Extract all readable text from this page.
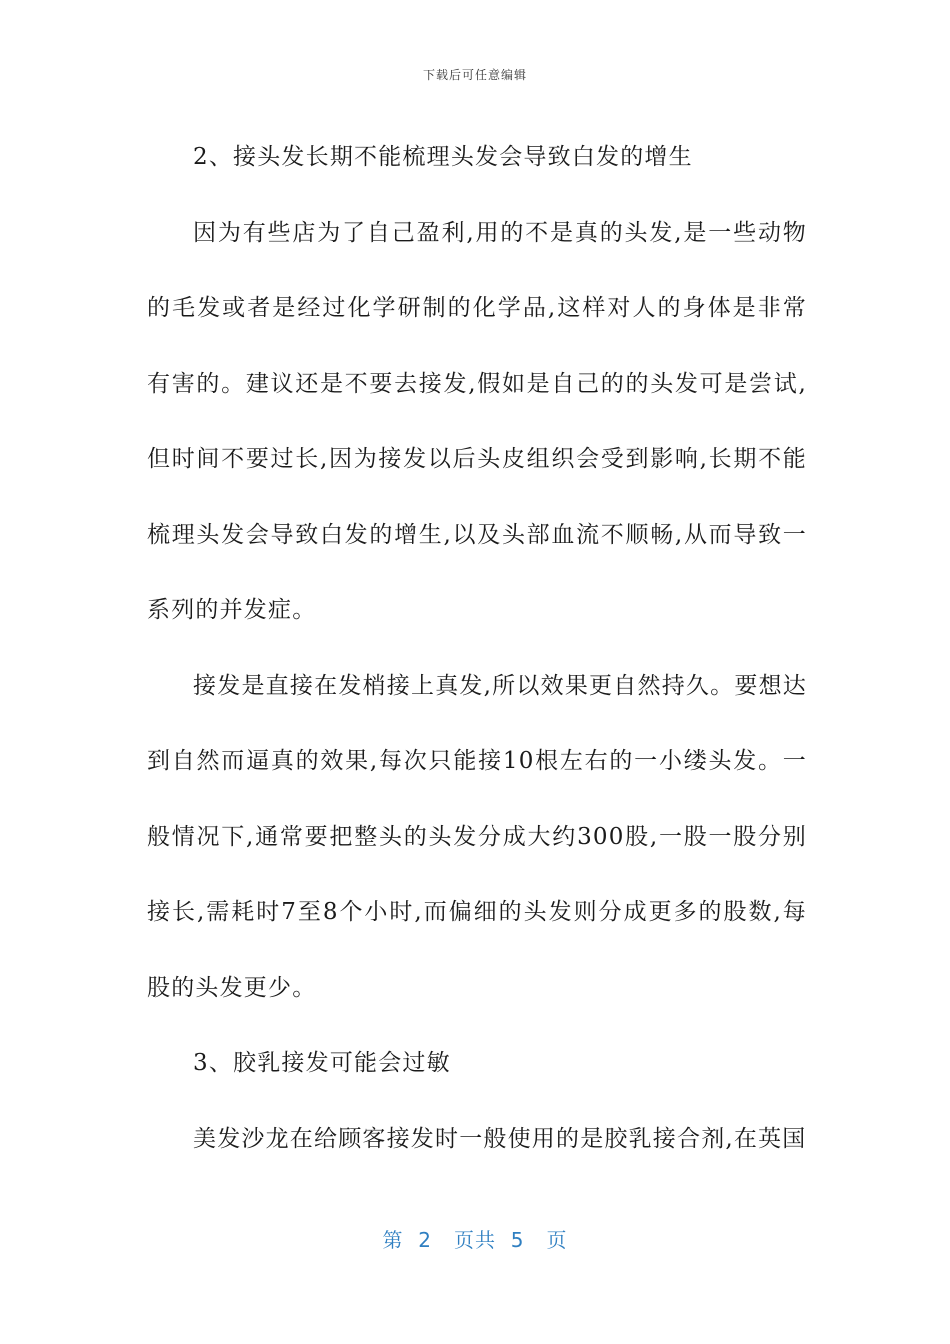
下载后可任意编辑

2、接头发长期不能梳理头发会导致白发的增生

因为有些店为了自己盈利,用的不是真的头发,是一些动物的毛发或者是经过化学研制的化学品,这样对人的身体是非常有害的。建议还是不要去接发,假如是自己的的头发可是尝试,但时间不要过长,因为接发以后头皮组织会受到影响,长期不能梳理头发会导致白发的增生,以及头部血流不顺畅,从而导致一系列的并发症。

接发是直接在发梢接上真发,所以效果更自然持久。要想达到自然而逼真的效果,每次只能接10根左右的一小缕头发。一般情况下,通常要把整头的头发分成大约300股,一股一股分别接长,需耗时7至8个小时,而偏细的头发则分成更多的股数,每股的头发更少。

3、胶乳接发可能会过敏

美发沙龙在给顾客接发时一般使用的是胶乳接合剂,在英国

第 2 页共 5 页
